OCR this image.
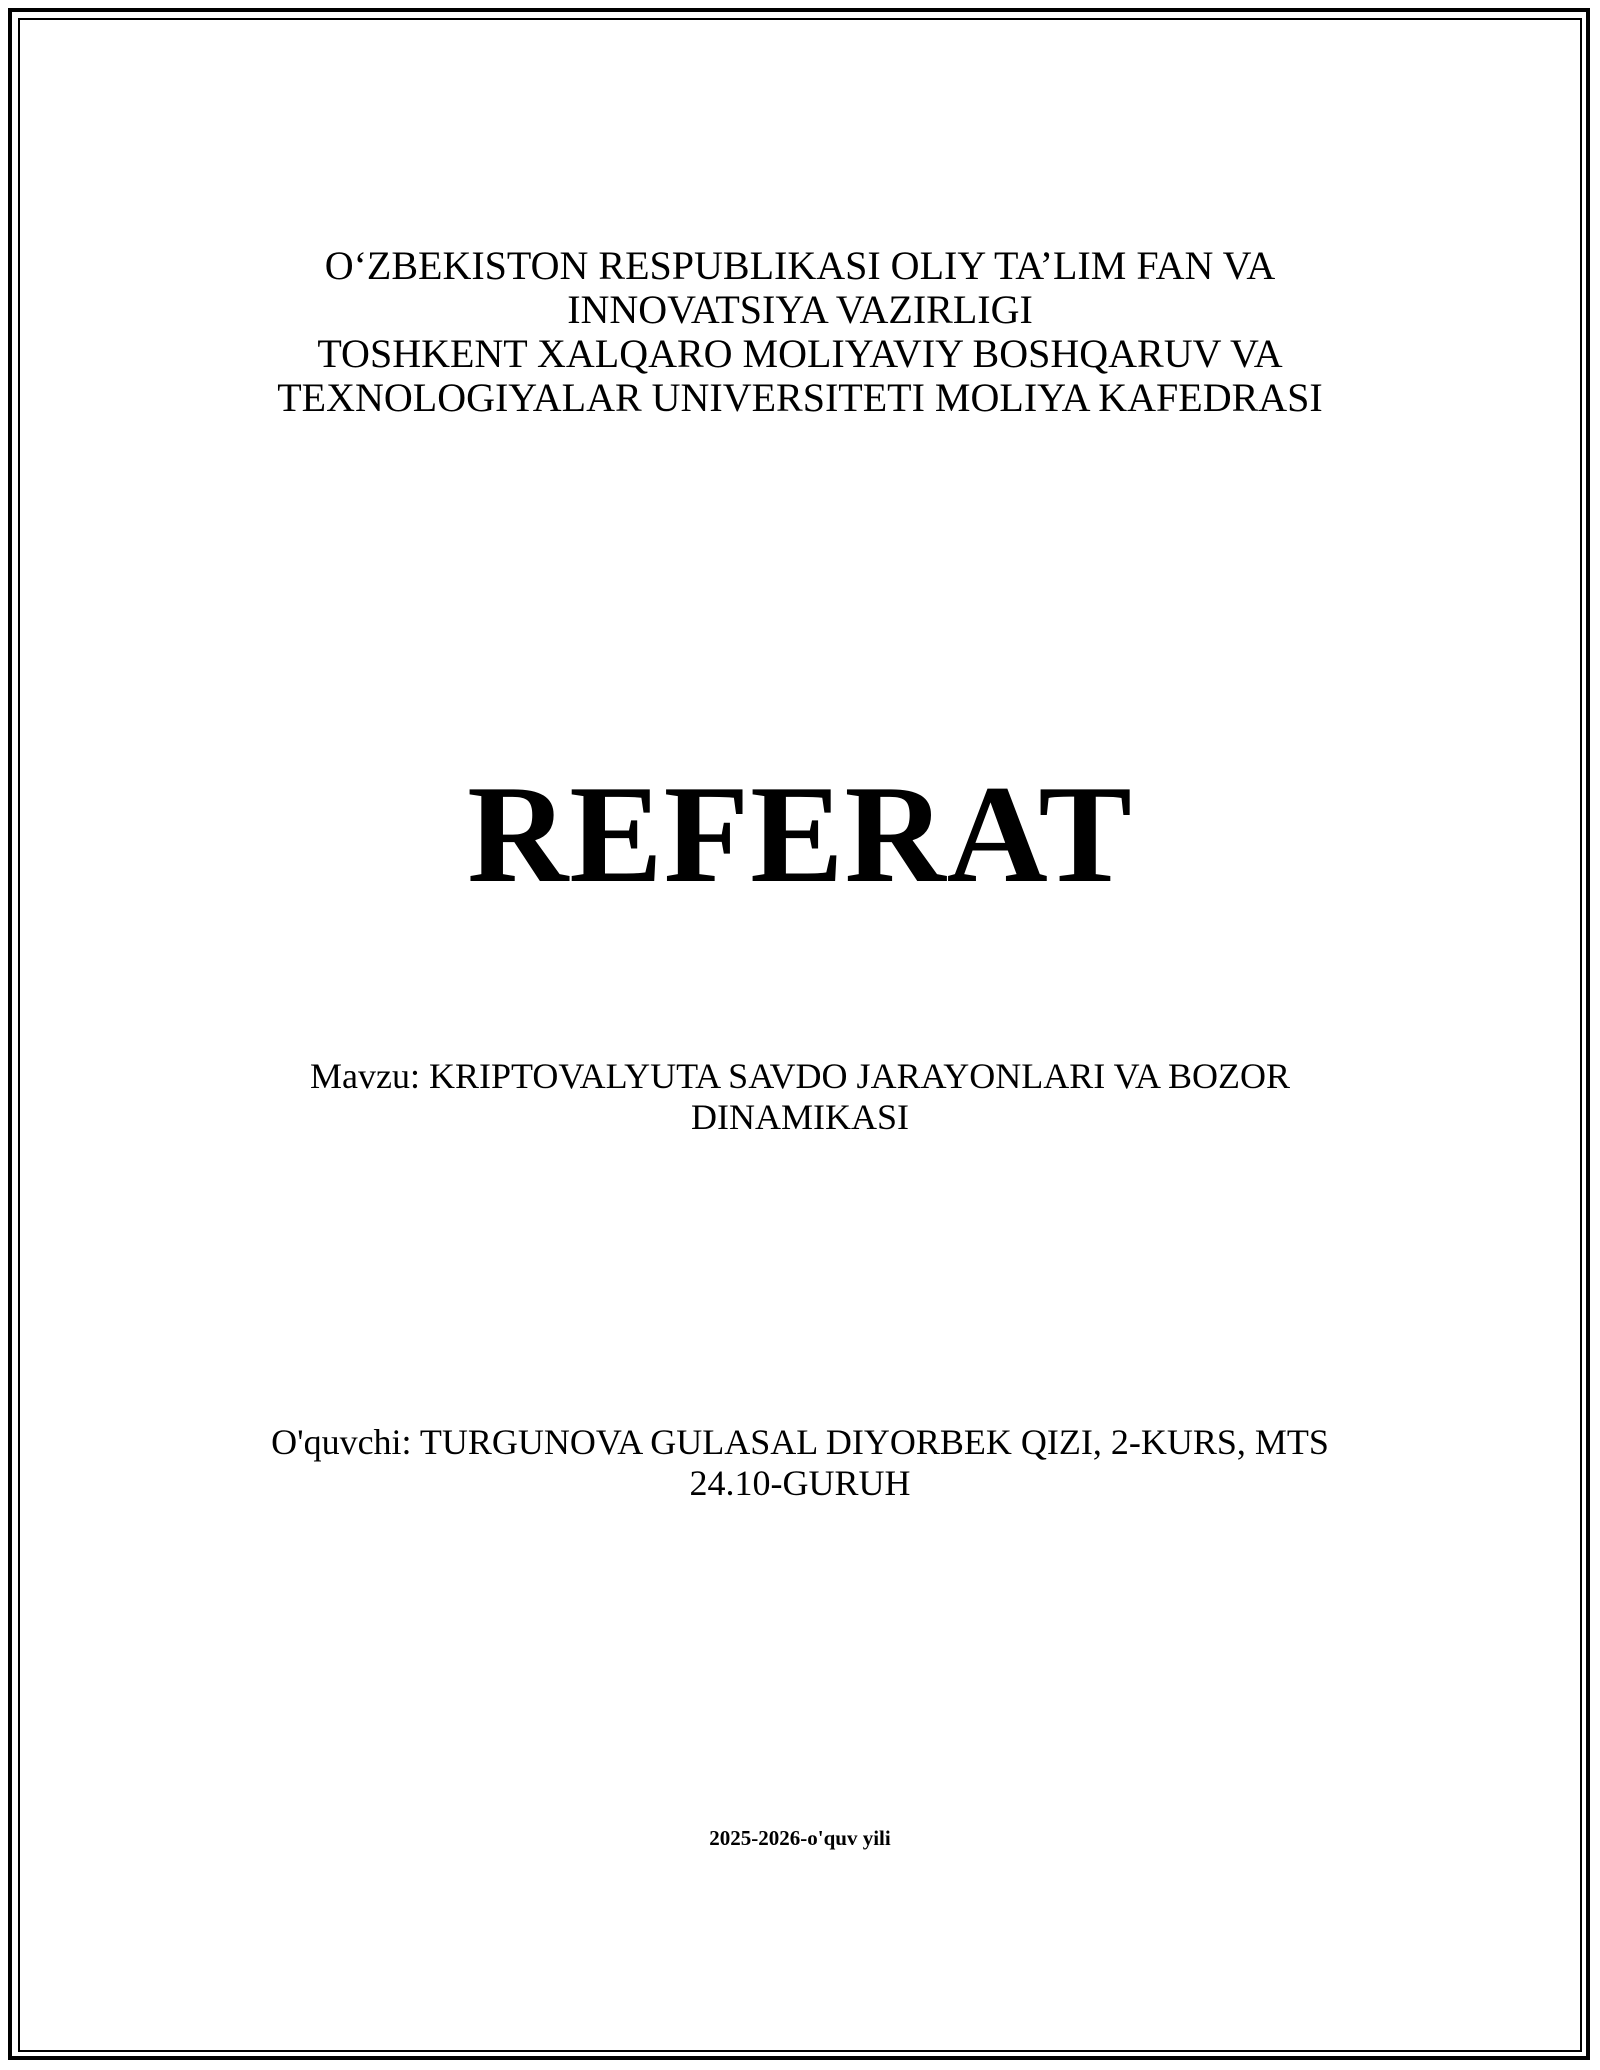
O‘ZBEKISTON RESPUBLIKASI OLIY TA’LIM FAN VA
INNOVATSIYA VAZIRLIGI
TOSHKENT XALQARO MOLIYAVIY BOSHQARUV VA
TEXNOLOGIYALAR UNIVERSITETI MOLIYA KAFEDRASI
REFERAT
Mavzu: KRIPTOVALYUTA SAVDO JARAYONLARI VA BOZOR
DINAMIKASI
O'quvchi: TURGUNOVA GULASAL DIYORBEK QIZI, 2-KURS, MTS
24.10-GURUH
2025-2026-o'quv yili
